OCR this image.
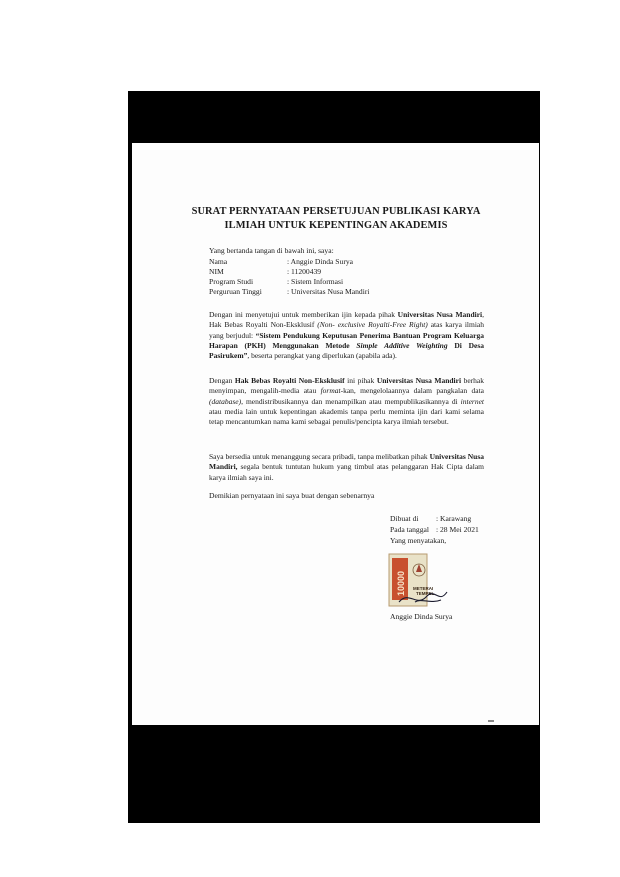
SURAT PERNYATAAN PERSETUJUAN PUBLIKASI KARYA
ILMIAH UNTUK KEPENTINGAN AKADEMIS
Yang bertanda tangan di bawah ini, saya:
Nama	: Anggie Dinda Surya
NIM	: 11200439
Program Studi	: Sistem Informasi
Perguruan Tinggi	: Universitas Nusa Mandiri
Dengan ini menyetujui untuk memberikan ijin kepada pihak Universitas Nusa Mandiri, Hak Bebas Royalti Non-Eksklusif (Non- exclusive Royalti-Free Right) atas karya ilmiah yang berjudul: “Sistem Pendukung Keputusan Penerima Bantuan Program Keluarga Harapan (PKH) Menggunakan Metode Simple Additive Weighting Di Desa Pasirukem”, beserta perangkat yang diperlukan (apabila ada).
Dengan Hak Bebas Royalti Non-Eksklusif ini pihak Universitas Nusa Mandiri berhak menyimpan, mengalih-media atau format-kan, mengelolaannya dalam pangkalan data (database), mendistribusikannya dan menampilkan atau mempublikasikannya di internet atau media lain untuk kepentingan akademis tanpa perlu meminta ijin dari kami selama tetap mencantumkan nama kami sebagai penulis/pencipta karya ilmiah tersebut.
Saya bersedia untuk menanggung secara pribadi, tanpa melibatkan pihak Universitas Nusa Mandiri, segala bentuk tuntutan hukum yang timbul atas pelanggaran Hak Cipta dalam karya ilmiah saya ini.
Demikian pernyataan ini saya buat dengan sebenarnya
Dibuat di : Karawang
Pada tanggal : 28 Mei 2021
Yang menyatakan,
10000 METERAI
TEMPEL
Anggie Dinda Surya
